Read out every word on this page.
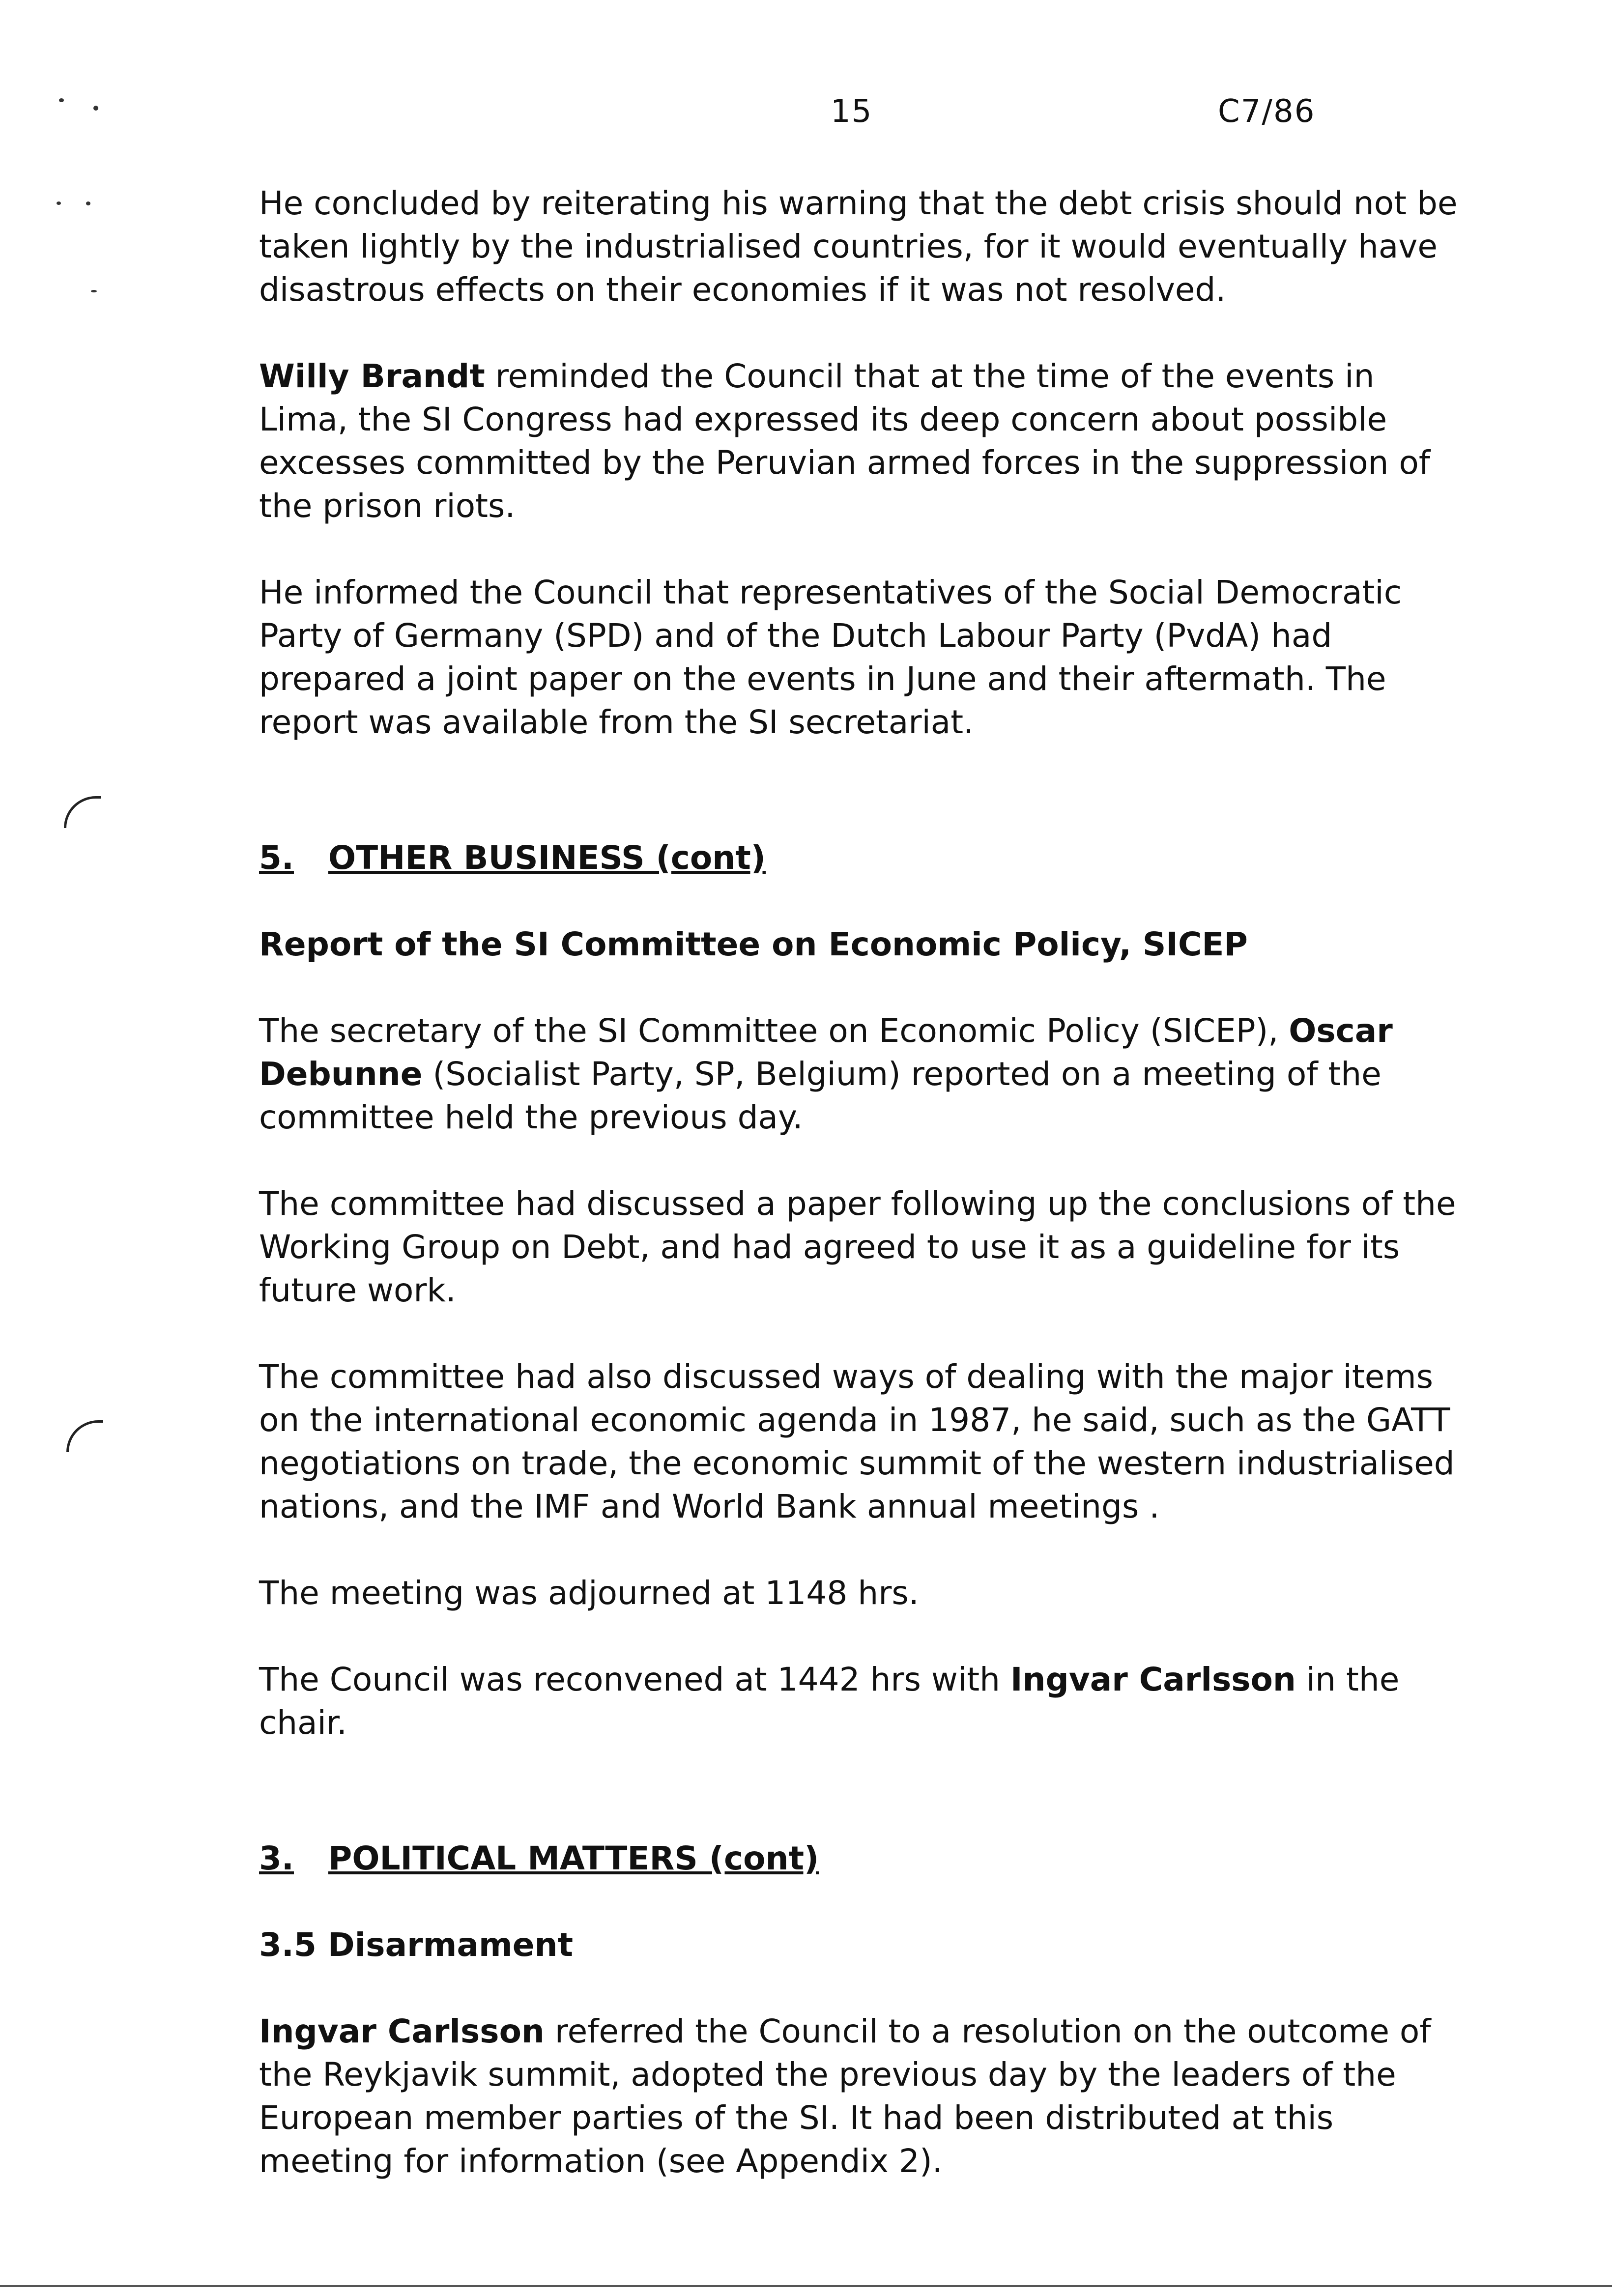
15	C7/86

He concluded by reiterating his warning that the debt crisis should not be taken lightly by the industrialised countries, for it would eventually have disastrous effects on their economies if it was not resolved.

Willy Brandt reminded the Council that at the time of the events in Lima, the SI Congress had expressed its deep concern about possible excesses committed by the Peruvian armed forces in the suppression of the prison riots.

He informed the Council that representatives of the Social Democratic Party of Germany (SPD) and of the Dutch Labour Party (PvdA) had prepared a joint paper on the events in June and their aftermath. The report was available from the SI secretariat.

5. OTHER BUSINESS (cont)
Report of the SI Committee on Economic Policy, SICEP

The secretary of the SI Committee on Economic Policy (SICEP), Oscar Debunne (Socialist Party, SP, Belgium) reported on a meeting of the committee held the previous day.

The committee had discussed a paper following up the conclusions of the Working Group on Debt, and had agreed to use it as a guideline for its future work.

The committee had also discussed ways of dealing with the major items on the international economic agenda in 1987, he said, such as the GATT negotiations on trade, the economic summit of the western industrialised nations, and the IMF and World Bank annual meetings .

The meeting was adjourned at 1148 hrs.

The Council was reconvened at 1442 hrs with Ingvar Carlsson in the chair.

3. POLITICAL MATTERS (cont)
3.5 Disarmament

Ingvar Carlsson referred the Council to a resolution on the outcome of the Reykjavik summit, adopted the previous day by the leaders of the European member parties of the SI. It had been distributed at this meeting for information (see Appendix 2).
